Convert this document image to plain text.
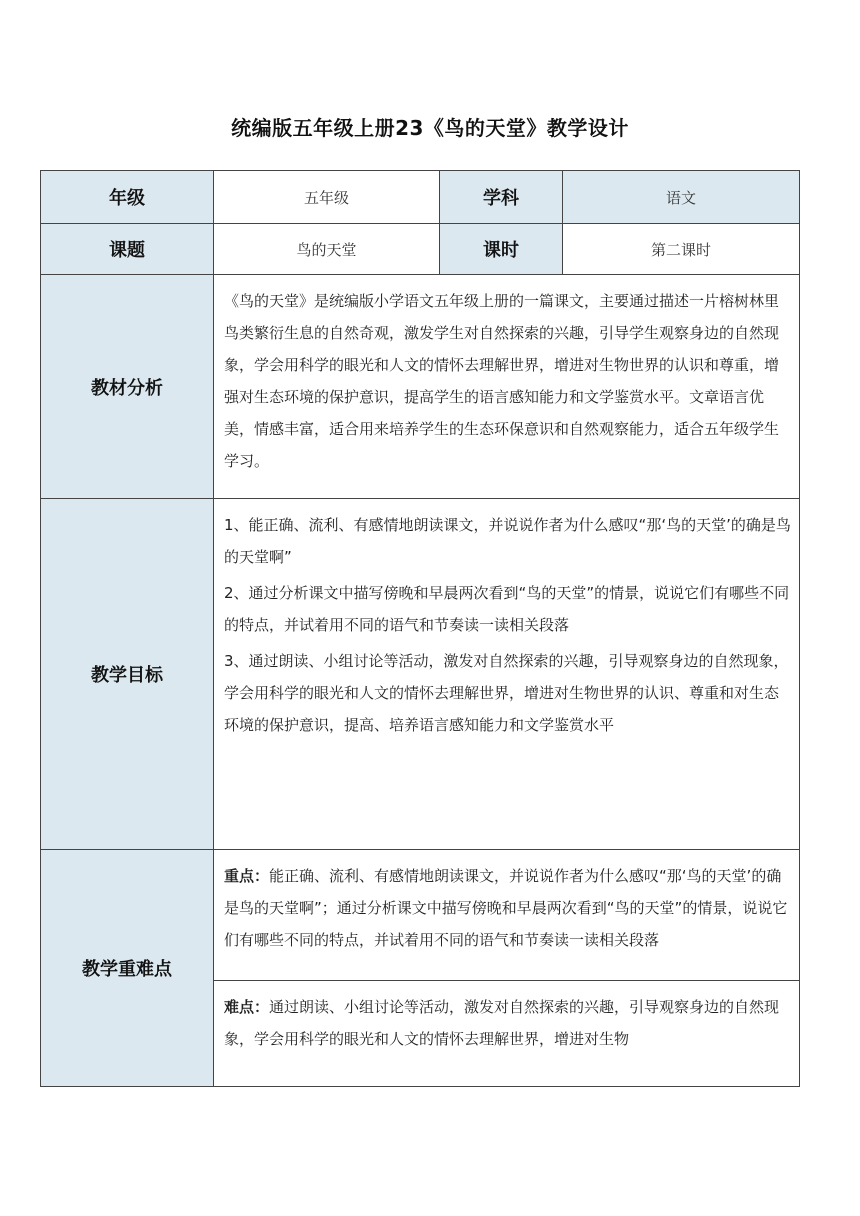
统编版五年级上册23《鸟的天堂》教学设计
年级	五年级	学科	语文
课题	鸟的天堂	课时	第二课时
教材分析	《鸟的天堂》是统编版小学语文五年级上册的一篇课文，主要通过描述一片榕树林里鸟类繁衍生息的自然奇观，激发学生对自然探索的兴趣，引导学生观察身边的自然现象，学会用科学的眼光和人文的情怀去理解世界，增进对生物世界的认识和尊重，增强对生态环境的保护意识，提高学生的语言感知能力和文学鉴赏水平。文章语言优美，情感丰富，适合用来培养学生的生态环保意识和自然观察能力，适合五年级学生学习。		

教学目标	1、能正确、流利、有感情地朗读课文，并说说作者为什么感叹“那‘鸟的天堂’的确是鸟的天堂啊”

2、通过分析课文中描写傍晚和早晨两次看到“鸟的天堂”的情景，说说它们有哪些不同的特点，并试着用不同的语气和节奏读一读相关段落

3、通过朗读、小组讨论等活动，激发对自然探索的兴趣，引导观察身边的自然现象，学会用科学的眼光和人文的情怀去理解世界，增进对生物世界的认识、尊重和对生态环境的保护意识，提高、培养语言感知能力和文学鉴赏水平		

教学重难点	重点：能正确、流利、有感情地朗读课文，并说说作者为什么感叹“那‘鸟的天堂’的确是鸟的天堂啊”；通过分析课文中描写傍晚和早晨两次看到“鸟的天堂”的情景，说说它们有哪些不同的特点，并试着用不同的语气和节奏读一读相关段落		

	难点：通过朗读、小组讨论等活动，激发对自然探索的兴趣，引导观察身边的自然现象，学会用科学的眼光和人文的情怀去理解世界，增进对生物		
